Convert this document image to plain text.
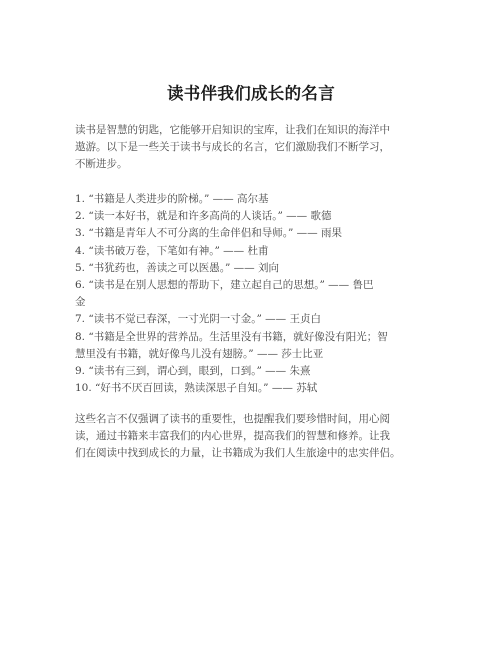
读书伴我们成长的名言
读书是智慧的钥匙，它能够开启知识的宝库，让我们在知识的海洋中
遨游。以下是一些关于读书与成长的名言，它们激励我们不断学习，
不断进步。
1. “书籍是人类进步的阶梯。” —— 高尔基
2. “读一本好书，就是和许多高尚的人谈话。” —— 歌德
3. “书籍是青年人不可分离的生命伴侣和导师。” —— 雨果
4. “读书破万卷，下笔如有神。” —— 杜甫
5. “书犹药也，善读之可以医愚。” —— 刘向
6. “读书是在别人思想的帮助下，建立起自己的思想。” —— 鲁巴
金
7. “读书不觉已春深，一寸光阴一寸金。” —— 王贞白
8. “书籍是全世界的营养品。生活里没有书籍，就好像没有阳光；智
慧里没有书籍，就好像鸟儿没有翅膀。” —— 莎士比亚
9. “读书有三到，谓心到，眼到，口到。” —— 朱熹
10. “好书不厌百回读，熟读深思子自知。” —— 苏轼
这些名言不仅强调了读书的重要性，也提醒我们要珍惜时间，用心阅
读，通过书籍来丰富我们的内心世界，提高我们的智慧和修养。让我
们在阅读中找到成长的力量，让书籍成为我们人生旅途中的忠实伴侣。
